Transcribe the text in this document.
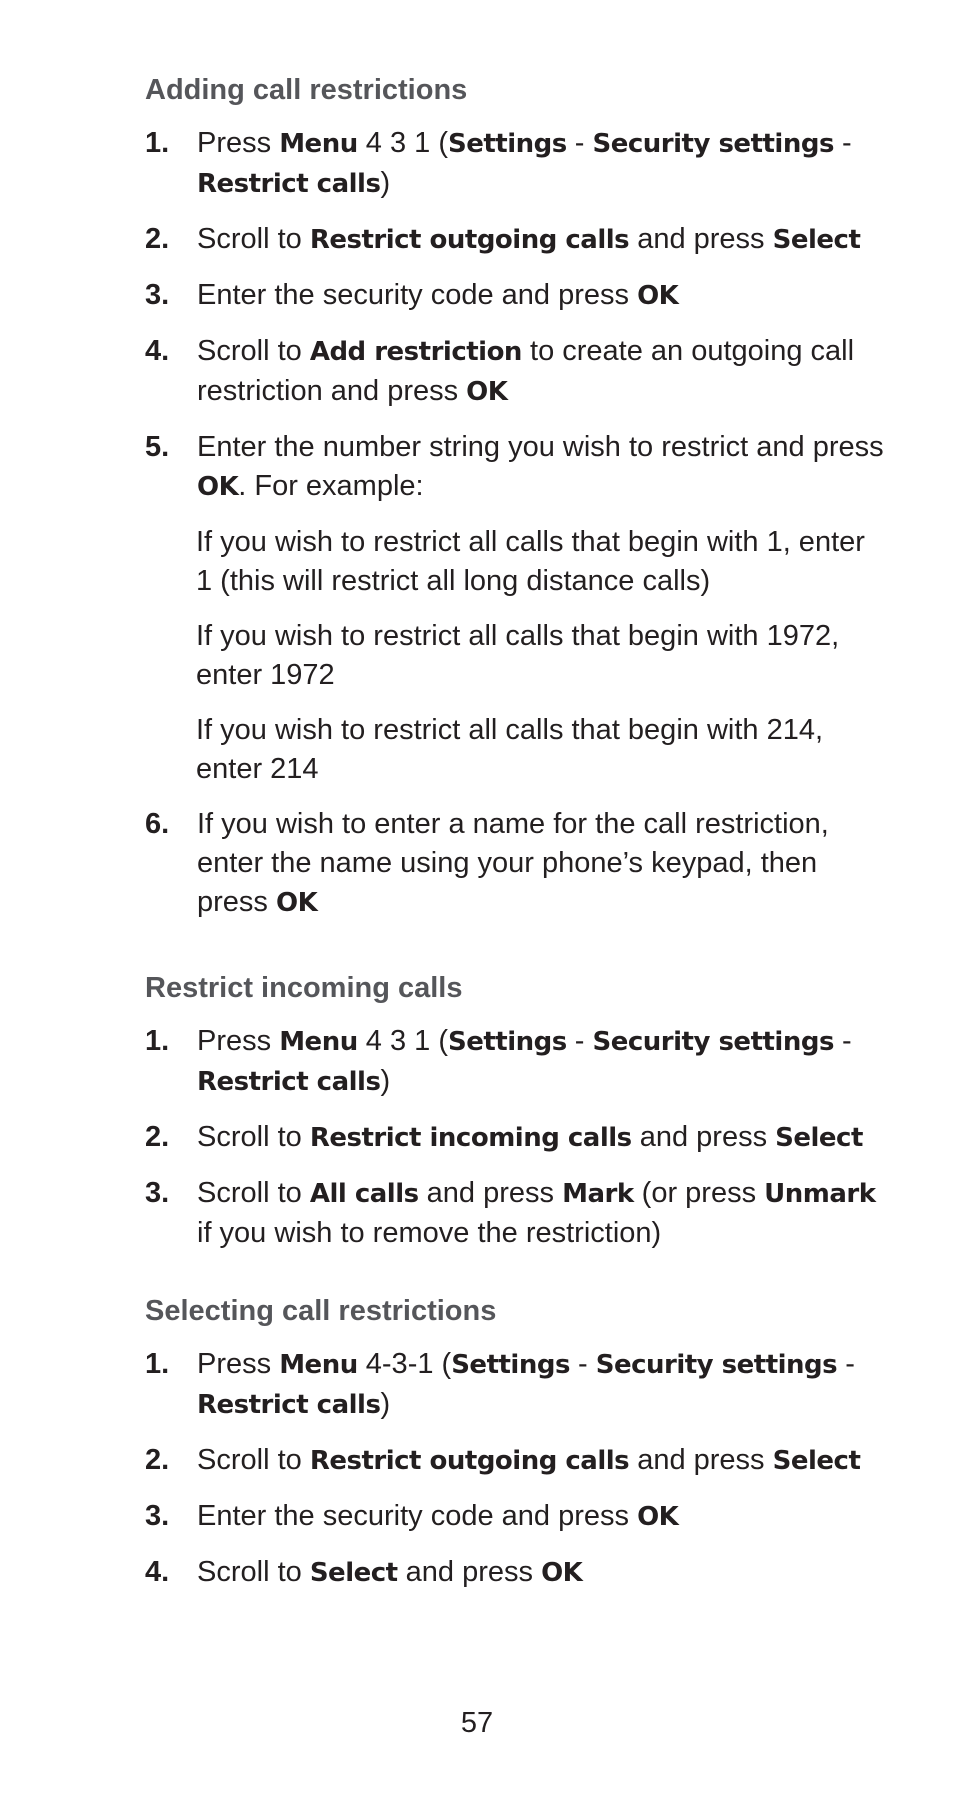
Adding call restrictions
1. Press Menu 4 3 1 (Settings - Security settings - Restrict calls)
2. Scroll to Restrict outgoing calls and press Select
3. Enter the security code and press OK
4. Scroll to Add restriction to create an outgoing call restriction and press OK
5. Enter the number string you wish to restrict and press OK. For example:
If you wish to restrict all calls that begin with 1, enter 1 (this will restrict all long distance calls)
If you wish to restrict all calls that begin with 1972, enter 1972
If you wish to restrict all calls that begin with 214, enter 214
6. If you wish to enter a name for the call restriction, enter the name using your phone’s keypad, then press OK
Restrict incoming calls
1. Press Menu 4 3 1 (Settings - Security settings - Restrict calls)
2. Scroll to Restrict incoming calls and press Select
3. Scroll to All calls and press Mark (or press Unmark if you wish to remove the restriction)
Selecting call restrictions
1. Press Menu 4-3-1 (Settings - Security settings - Restrict calls)
2. Scroll to Restrict outgoing calls and press Select
3. Enter the security code and press OK
4. Scroll to Select and press OK
57
